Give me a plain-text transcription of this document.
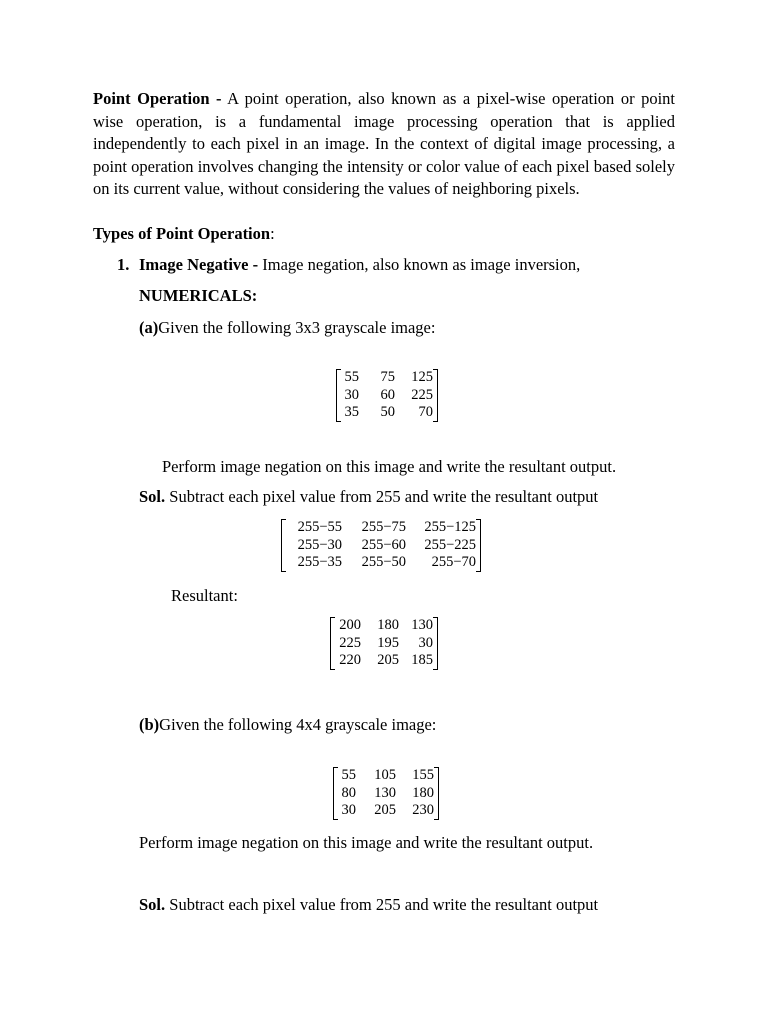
Point Operation - A point operation, also known as a pixel-wise operation or point wise operation, is a fundamental image processing operation that is applied independently to each pixel in an image. In the context of digital image processing, a point operation involves changing the intensity or color value of each pixel based solely on its current value, without considering the values of neighboring pixels.

Types of Point Operation:

1. Image Negative - Image negation, also known as image inversion,

NUMERICALS:

(a)Given the following 3x3 grayscale image:

55	75	125
30	60	225
35	50	70

Perform image negation on this image and write the resultant output.

Sol. Subtract each pixel value from 255 and write the resultant output

255−55	255−75	255−125
255−30	255−60	255−225
255−35	255−50	255−70

Resultant:

200	180	130
225	195	30
220	205	185

(b)Given the following 4x4 grayscale image:

55	105	155
80	130	180
30	205	230

Perform image negation on this image and write the resultant output.

Sol. Subtract each pixel value from 255 and write the resultant output
